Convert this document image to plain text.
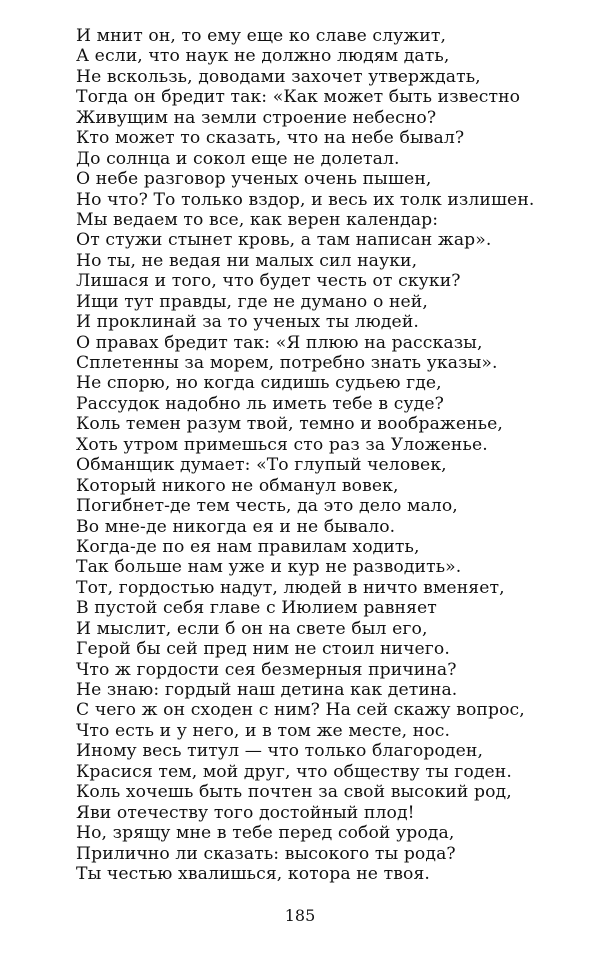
И мнит он, то ему еще ко славе служит,
А если, что наук не должно людям дать,
Не вскользь, доводами захочет утверждать,
Тогда он бредит так: «Как может быть известно
Живущим на земли строение небесно?
Кто может то сказать, что на небе бывал?
До солнца и сокол еще не долетал.
О небе разговор ученых очень пышен,
Но что? То только вздор, и весь их толк излишен.
Мы ведаем то все, как верен календар:
От стужи стынет кровь, а там написан жар».
Но ты, не ведая ни малых сил науки,
Лишася и того, что будет честь от скуки?
Ищи тут правды, где не думано о ней,
И проклинай за то ученых ты людей.
О правах бредит так: «Я плюю на рассказы,
Сплетенны за морем, потребно знать указы».
Не спорю, но когда сидишь судьею где,
Рассудок надобно ль иметь тебе в суде?
Коль темен разум твой, темно и воображенье,
Хоть утром примешься сто раз за Уложенье.
Обманщик думает: «То глупый человек,
Который никого не обманул вовек,
Погибнет-де тем честь, да это дело мало,
Во мне-де никогда ея и не бывало.
Когда-де по ея нам правилам ходить,
Так больше нам уже и кур не разводить».
Тот, гордостью надут, людей в ничто вменяет,
В пустой себя главе с Июлием равняет
И мыслит, если б он на свете был его,
Герой бы сей пред ним не стоил ничего.
Что ж гордости сея безмерныя причина?
Не знаю: гордый наш детина как детина.
С чего ж он сходен с ним? На сей скажу вопрос,
Что есть и у него, и в том же месте, нос.
Иному весь титул — что только благороден,
Красися тем, мой друг, что обществу ты годен.
Коль хочешь быть почтен за свой высокий род,
Яви отечеству того достойный плод!
Но, зрящу мне в тебе перед собой урода,
Прилично ли сказать: высокого ты рода?
Ты честью хвалишься, котора не твоя.
185
